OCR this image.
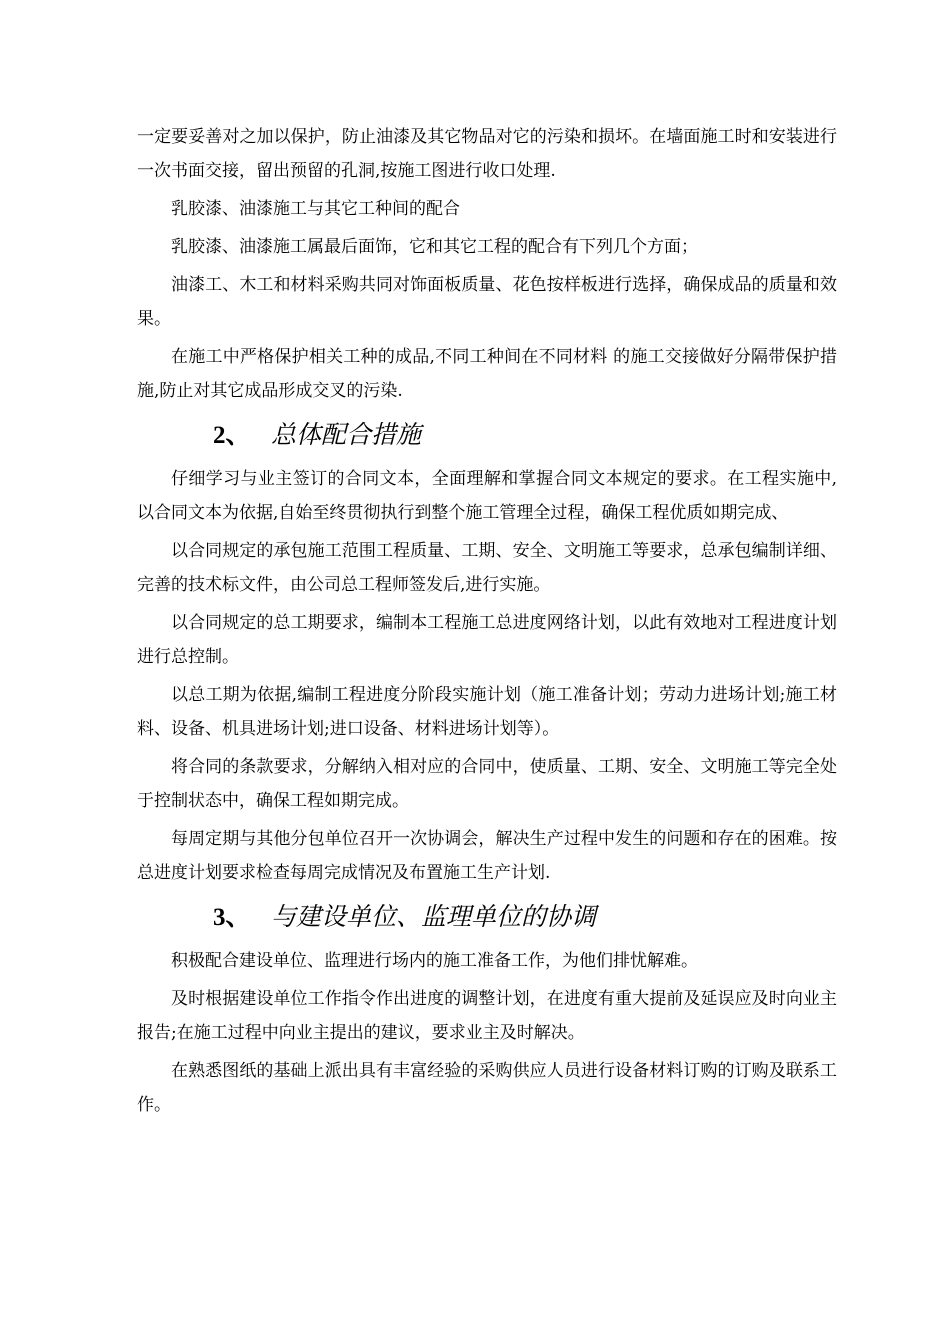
一定要妥善对之加以保护，防止油漆及其它物品对它的污染和损坏。在墙面施工时和安装进行一次书面交接，留出预留的孔洞,按施工图进行收口处理.

乳胶漆、油漆施工与其它工种间的配合

乳胶漆、油漆施工属最后面饰，它和其它工程的配合有下列几个方面；

油漆工、木工和材料采购共同对饰面板质量、花色按样板进行选择，确保成品的质量和效果。

在施工中严格保护相关工种的成品,不同工种间在不同材料 的施工交接做好分隔带保护措施,防止对其它成品形成交叉的污染.

2、 总体配合措施

仔细学习与业主签订的合同文本，全面理解和掌握合同文本规定的要求。在工程实施中,以合同文本为依据,自始至终贯彻执行到整个施工管理全过程，确保工程优质如期完成、

以合同规定的承包施工范围工程质量、工期、安全、文明施工等要求，总承包编制详细、完善的技术标文件，由公司总工程师签发后,进行实施。

以合同规定的总工期要求，编制本工程施工总进度网络计划，以此有效地对工程进度计划进行总控制。

以总工期为依据,编制工程进度分阶段实施计划（施工准备计划；劳动力进场计划;施工材料、设备、机具进场计划;进口设备、材料进场计划等）。

将合同的条款要求，分解纳入相对应的合同中，使质量、工期、安全、文明施工等完全处于控制状态中，确保工程如期完成。

每周定期与其他分包单位召开一次协调会，解决生产过程中发生的问题和存在的困难。按总进度计划要求检查每周完成情况及布置施工生产计划.

3、 与建设单位、监理单位的协调

积极配合建设单位、监理进行场内的施工准备工作，为他们排忧解难。

及时根据建设单位工作指令作出进度的调整计划，在进度有重大提前及延误应及时向业主报告;在施工过程中向业主提出的建议，要求业主及时解决。

在熟悉图纸的基础上派出具有丰富经验的采购供应人员进行设备材料订购的订购及联系工作。
